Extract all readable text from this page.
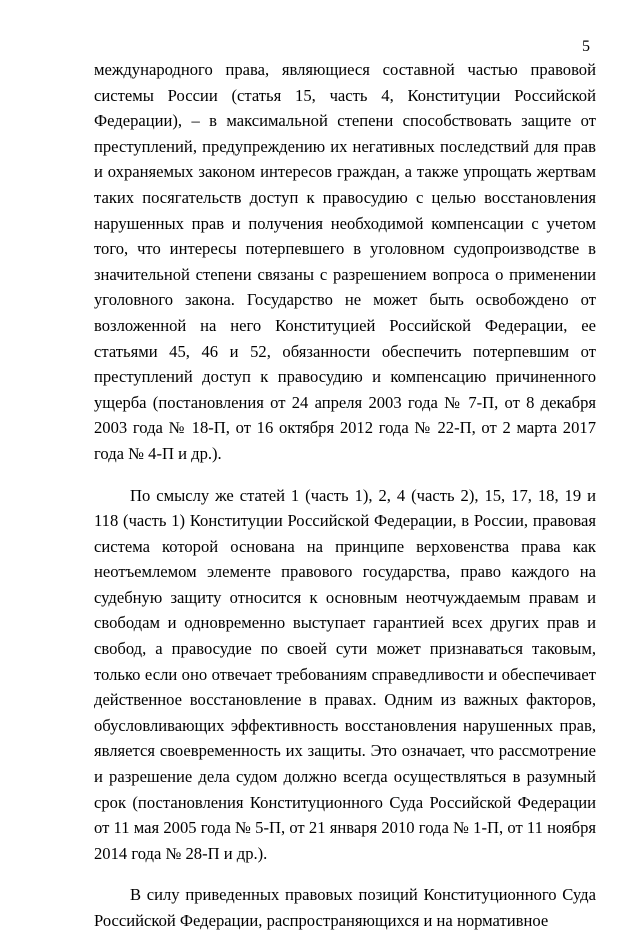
5

международного права, являющиеся составной частью правовой системы России (статья 15, часть 4, Конституции Российской Федерации), – в максимальной степени способствовать защите от преступлений, предупреждению их негативных последствий для прав и охраняемых законом интересов граждан, а также упрощать жертвам таких посягательств доступ к правосудию с целью восстановления нарушенных прав и получения необходимой компенсации с учетом того, что интересы потерпевшего в уголовном судопроизводстве в значительной степени связаны с разрешением вопроса о применении уголовного закона. Государство не может быть освобождено от возложенной на него Конституцией Российской Федерации, ее статьями 45, 46 и 52, обязанности обеспечить потерпевшим от преступлений доступ к правосудию и компенсацию причиненного ущерба (постановления от 24 апреля 2003 года № 7-П, от 8 декабря 2003 года № 18-П, от 16 октября 2012 года № 22-П, от 2 марта 2017 года № 4-П и др.).

По смыслу же статей 1 (часть 1), 2, 4 (часть 2), 15, 17, 18, 19 и 118 (часть 1) Конституции Российской Федерации, в России, правовая система которой основана на принципе верховенства права как неотъемлемом элементе правового государства, право каждого на судебную защиту относится к основным неотчуждаемым правам и свободам и одновременно выступает гарантией всех других прав и свобод, а правосудие по своей сути может признаваться таковым, только если оно отвечает требованиям справедливости и обеспечивает действенное восстановление в правах. Одним из важных факторов, обусловливающих эффективность восстановления нарушенных прав, является своевременность их защиты. Это означает, что рассмотрение и разрешение дела судом должно всегда осуществляться в разумный срок (постановления Конституционного Суда Российской Федерации от 11 мая 2005 года № 5-П, от 21 января 2010 года № 1-П, от 11 ноября 2014 года № 28-П и др.).

В силу приведенных правовых позиций Конституционного Суда Российской Федерации, распространяющихся и на нормативное
